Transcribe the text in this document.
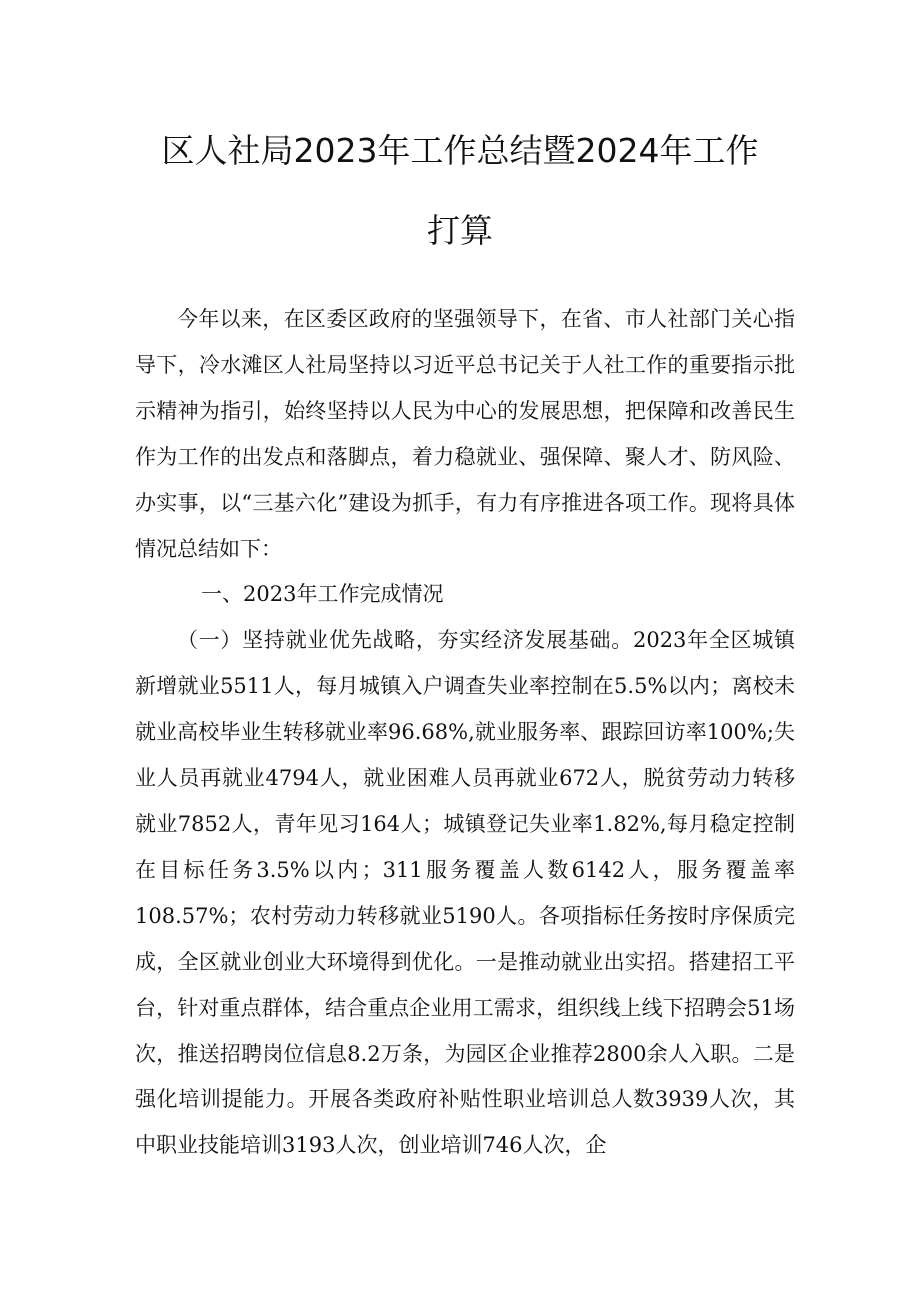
区人社局2023年工作总结暨2024年工作
打算

今年以来，在区委区政府的坚强领导下，在省、市人社部门关心指导下，冷水滩区人社局坚持以习近平总书记关于人社工作的重要指示批示精神为指引，始终坚持以人民为中心的发展思想，把保障和改善民生作为工作的出发点和落脚点，着力稳就业、强保障、聚人才、防风险、办实事，以“三基六化”建设为抓手，有力有序推进各项工作。现将具体情况总结如下：

一、2023年工作完成情况

（一）坚持就业优先战略，夯实经济发展基础。2023年全区城镇新增就业5511人，每月城镇入户调查失业率控制在5.5%以内；离校未就业高校毕业生转移就业率96.68%,就业服务率、跟踪回访率100%;失业人员再就业4794人，就业困难人员再就业672人，脱贫劳动力转移就业7852人，青年见习164人；城镇登记失业率1.82%,每月稳定控制在目标任务3.5%以内；311服务覆盖人数6142人，服务覆盖率108.57%；农村劳动力转移就业5190人。各项指标任务按时序保质完成，全区就业创业大环境得到优化。一是推动就业出实招。搭建招工平台，针对重点群体，结合重点企业用工需求，组织线上线下招聘会51场次，推送招聘岗位信息8.2万条，为园区企业推荐2800余人入职。二是强化培训提能力。开展各类政府补贴性职业培训总人数3939人次，其中职业技能培训3193人次，创业培训746人次，企
